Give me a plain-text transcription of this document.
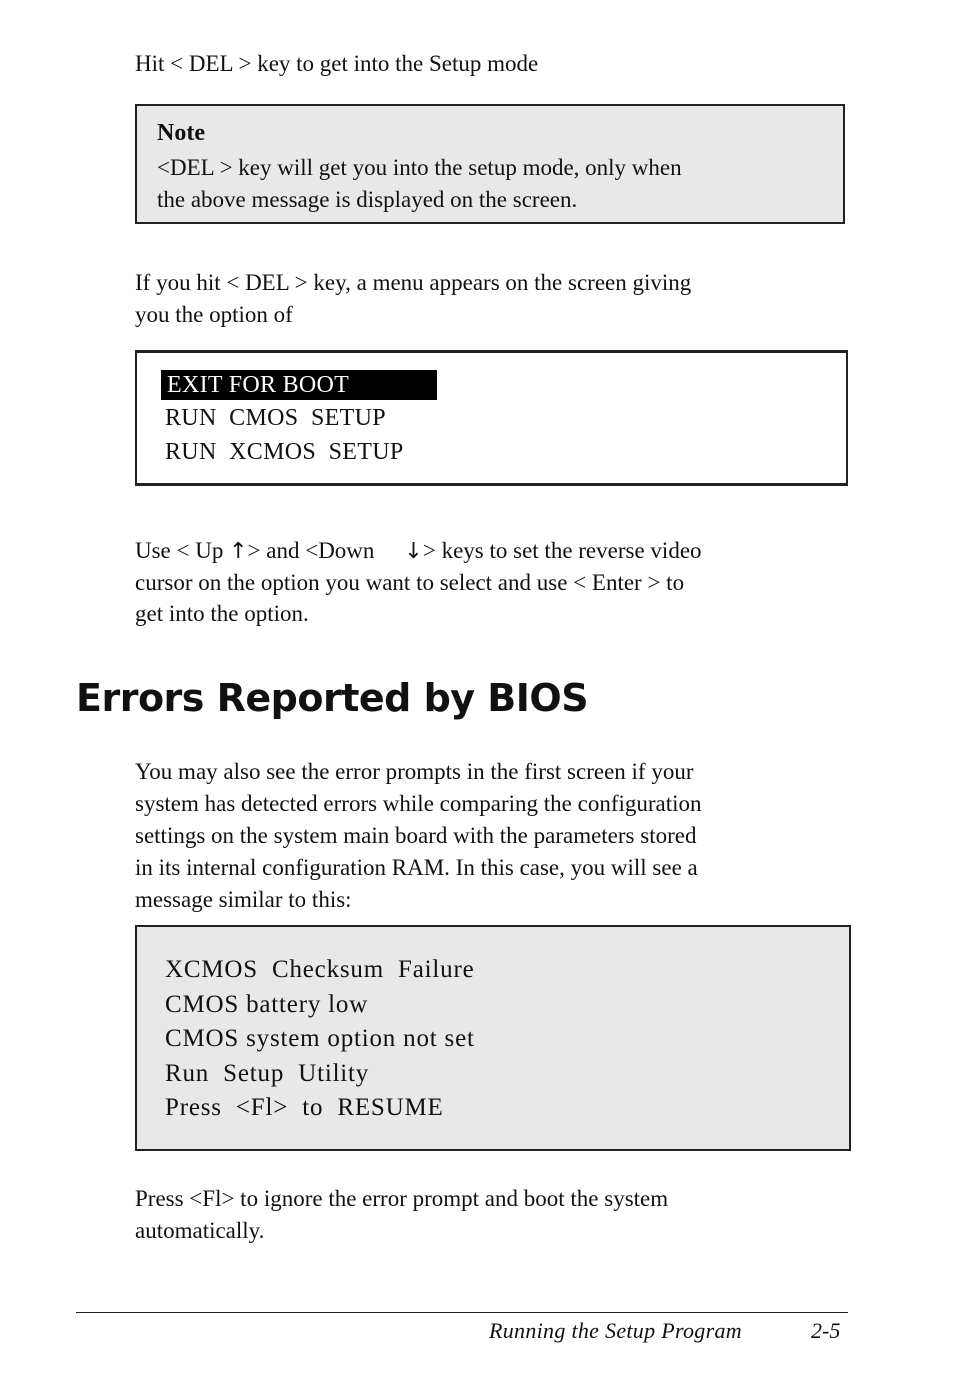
Hit < DEL > key to get into the Setup mode
Note
<DEL > key will get you into the setup mode, only when
the above message is displayed on the screen.
If you hit < DEL > key, a menu appears on the screen giving
you the option of
EXIT FOR BOOT
RUN  CMOS  SETUP
RUN  XCMOS  SETUP
Use < Up ↑> and <Down ↓> keys to set the reverse video
cursor on the option you want to select and use < Enter > to
get into the option.
Errors Reported by BIOS
You may also see the error prompts in the first screen if your
system has detected errors while comparing the configuration
settings on the system main board with the parameters stored
in its internal configuration RAM. In this case, you will see a
message similar to this:
XCMOS  Checksum  Failure
CMOS battery low
CMOS system option not set
Run  Setup  Utility
Press  <Fl>  to  RESUME
Press <Fl> to ignore the error prompt and boot the system
automatically.
Running the Setup Program	2-5
